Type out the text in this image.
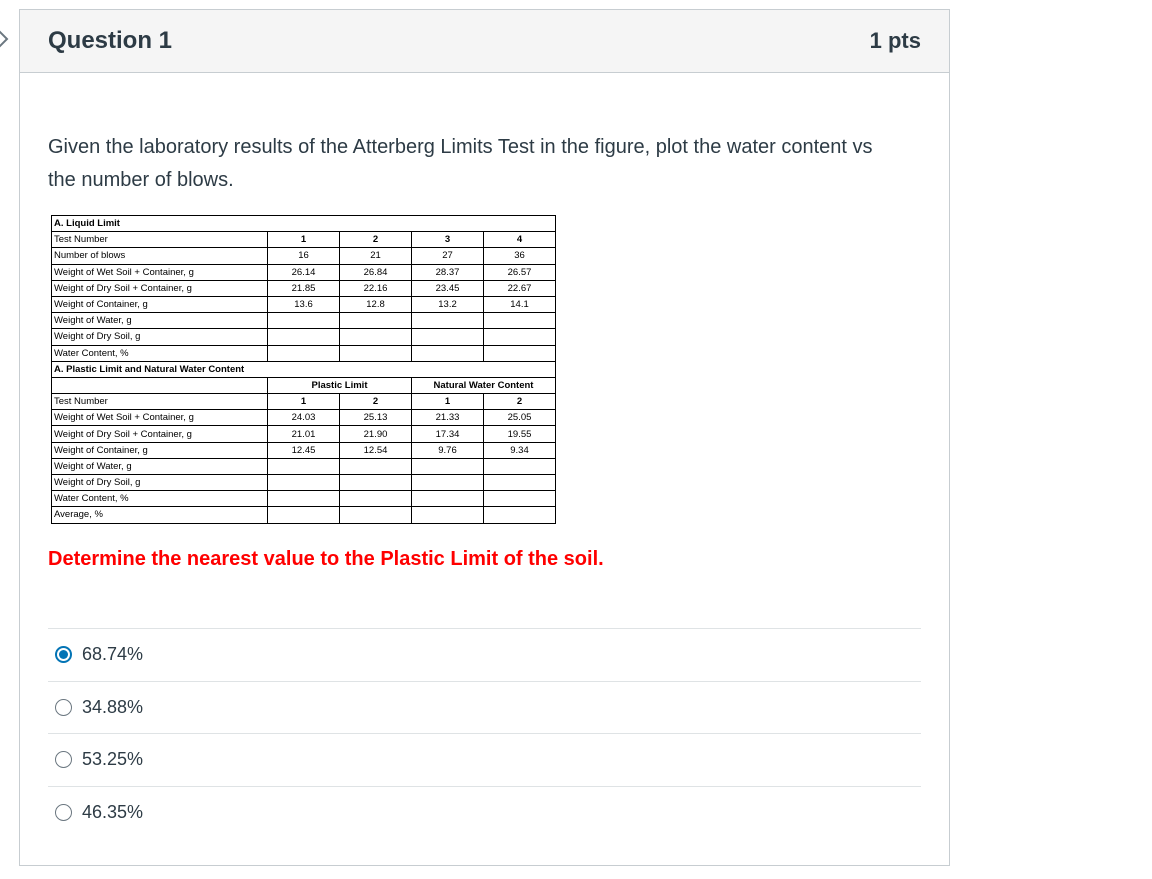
Question 1	1 pts
Given the laboratory results of the Atterberg Limits Test in the figure, plot the water content vs the number of blows.
A. Liquid Limit				
Test Number	1	2	3	4
Number of blows	16	21	27	36
Weight of Wet Soil + Container, g	26.14	26.84	28.37	26.57
Weight of Dry Soil + Container, g	21.85	22.16	23.45	22.67
Weight of Container, g	13.6	12.8	13.2	14.1
Weight of Water, g				
Weight of Dry Soil, g				
Water Content, %				
A. Plastic Limit and Natural Water Content				
	Plastic Limit		Natural Water Content	
Test Number	1	2	1	2
Weight of Wet Soil + Container, g	24.03	25.13	21.33	25.05
Weight of Dry Soil + Container, g	21.01	21.90	17.34	19.55
Weight of Container, g	12.45	12.54	9.76	9.34
Weight of Water, g				
Weight of Dry Soil, g				
Water Content, %				
Average, %				
Determine the nearest value to the Plastic Limit of the soil.
68.74%
34.88%
53.25%
46.35%
